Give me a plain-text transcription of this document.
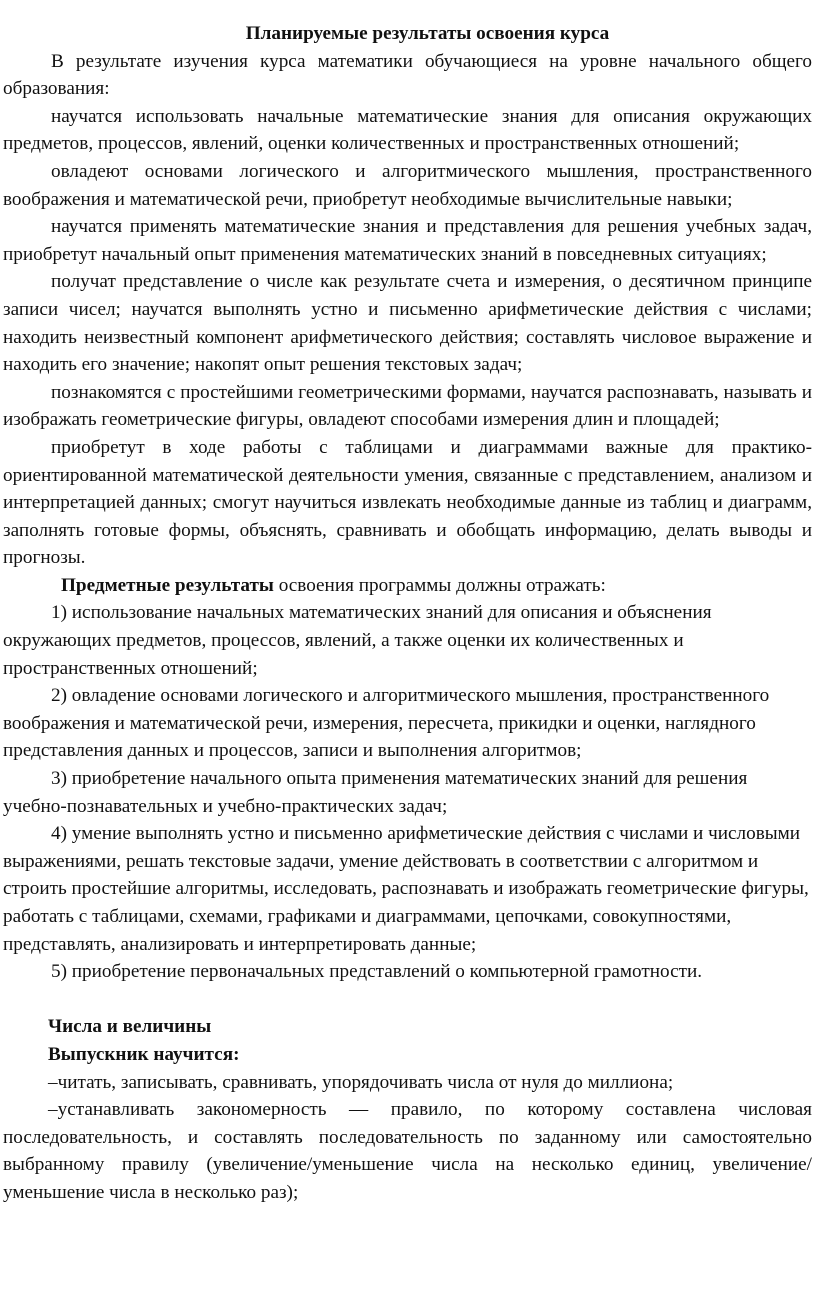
Планируемые результаты освоения курса

В результате изучения курса математики обучающиеся на уровне начального общего образования:

научатся использовать начальные математические знания для описания окружающих предметов, процессов, явлений, оценки количественных и пространственных отношений;

овладеют основами логического и алгоритмического мышления, пространственного воображения и математической речи, приобретут необходимые вычислительные навыки;

научатся применять математические знания и представления для решения учебных задач, приобретут начальный опыт применения математических знаний в повседневных ситуациях;

получат представление о числе как результате счета и измерения, о десятичном принципе записи чисел; научатся выполнять устно и письменно арифметические действия с числами; находить неизвестный компонент арифметического действия; составлять числовое выражение и находить его значение; накопят опыт решения текстовых задач;

познакомятся с простейшими геометрическими формами, научатся распознавать, называть и изображать геометрические фигуры, овладеют способами измерения длин и площадей;

приобретут в ходе работы с таблицами и диаграммами важные для практико-ориентированной математической деятельности умения, связанные с представлением, анализом и интерпретацией данных; смогут научиться извлекать необходимые данные из таблиц и диаграмм, заполнять готовые формы, объяснять, сравнивать и обобщать информацию, делать выводы и прогнозы.

Предметные результаты освоения программы должны отражать:

1) использование начальных математических знаний для описания и объяснения окружающих предметов, процессов, явлений, а также оценки их количественных и пространственных отношений;

2) овладение основами логического и алгоритмического мышления, пространственного воображения и математической речи, измерения, пересчета, прикидки и оценки, наглядного представления данных и процессов, записи и выполнения алгоритмов;

3) приобретение начального опыта применения математических знаний для решения учебно-познавательных и учебно-практических задач;

4) умение выполнять устно и письменно арифметические действия с числами и числовыми выражениями, решать текстовые задачи, умение действовать в соответствии с алгоритмом и строить простейшие алгоритмы, исследовать, распознавать и изображать геометрические фигуры, работать с таблицами, схемами, графиками и диаграммами, цепочками, совокупностями, представлять, анализировать и интерпретировать данные;

5) приобретение первоначальных представлений о компьютерной грамотности.

Числа и величины

Выпускник научится:

–читать, записывать, сравнивать, упорядочивать числа от нуля до миллиона;

–устанавливать закономерность — правило, по которому составлена числовая последовательность, и составлять последовательность по заданному или самостоятельно выбранному правилу (увеличение/уменьшение числа на несколько единиц, увеличение/уменьшение числа в несколько раз);
